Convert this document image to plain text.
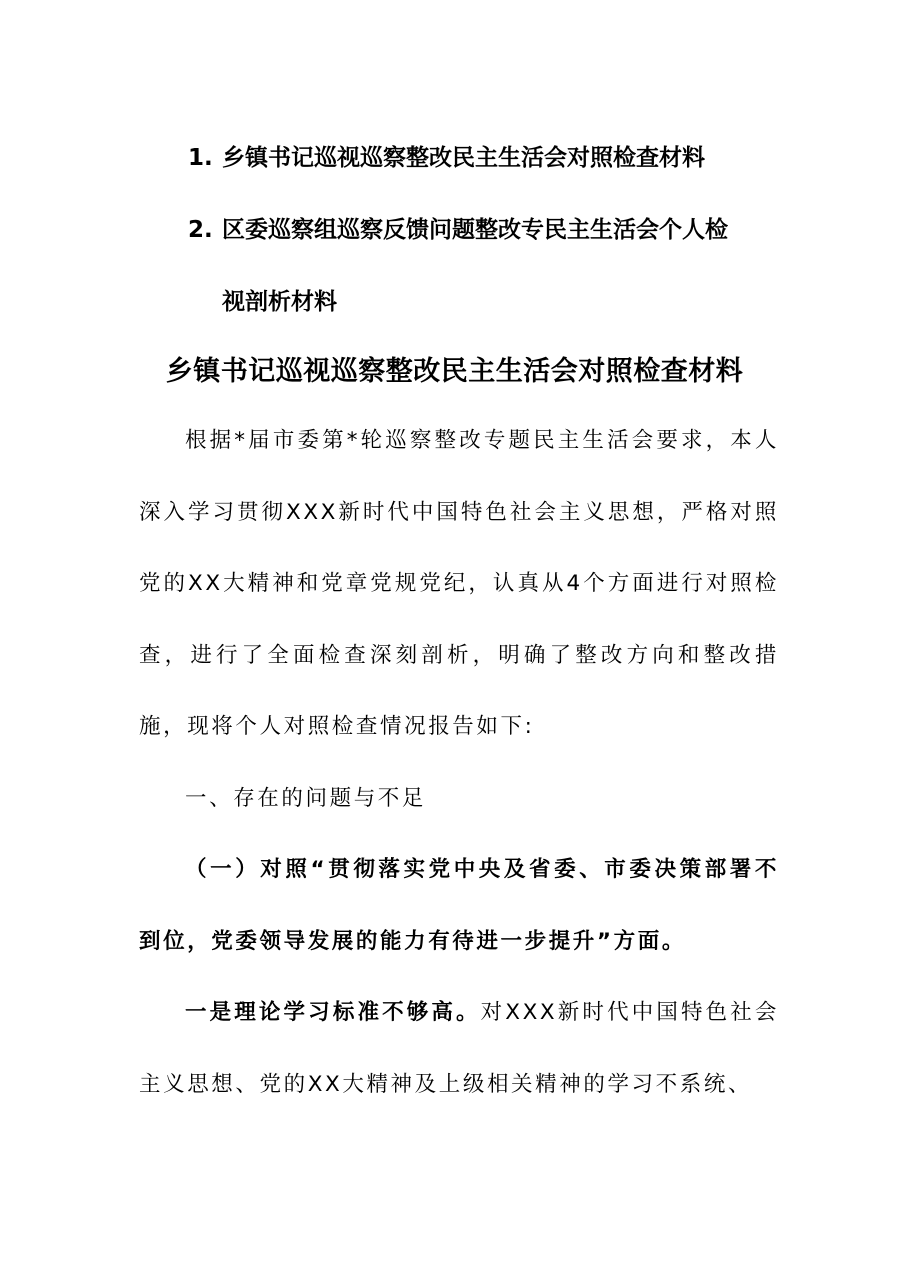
1. 乡镇书记巡视巡察整改民主生活会对照检查材料
2. 区委巡察组巡察反馈问题整改专民主生活会个人检
视剖析材料
乡镇书记巡视巡察整改民主生活会对照检查材料

根据*届市委第*轮巡察整改专题民主生活会要求，本人深入学习贯彻XXX新时代中国特色社会主义思想，严格对照党的XX大精神和党章党规党纪，认真从4个方面进行对照检查，进行了全面检查深刻剖析，明确了整改方向和整改措施，现将个人对照检查情况报告如下:

一、存在的问题与不足

（一）对照“贯彻落实党中央及省委、市委决策部署不到位，党委领导发展的能力有待进一步提升”方面。

一是理论学习标准不够高。对XXX新时代中国特色社会主义思想、党的XX大精神及上级相关精神的学习不系统、
